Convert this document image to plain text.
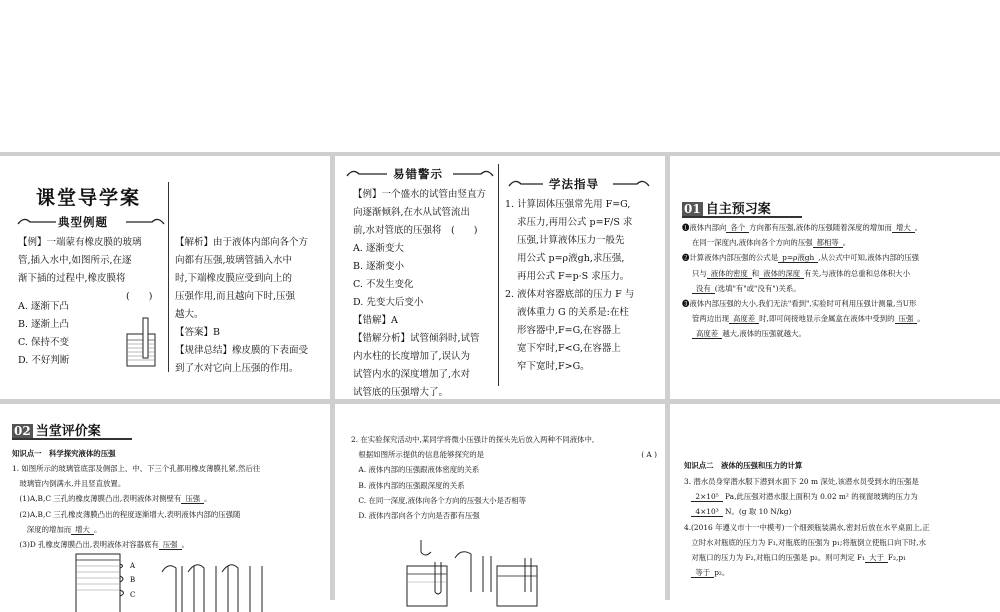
课堂导学案
典型例题

【例】一端蒙有橡皮膜的玻璃

管,插入水中,如图所示,在逐

渐下插的过程中,橡皮膜将

(　　)

A. 逐渐下凸

B. 逐渐上凸

C. 保持不变

D. 不好判断

【解析】由于液体内部向各个方

向都有压强,玻璃管插入水中

时,下端橡皮膜应受到向上的

压强作用,而且越向下时,压强

越大。

【答案】B

【规律总结】橡皮膜的下表面受

到了水对它向上压强的作用。

易错警示

【例】一个盛水的试管由竖直方

向逐渐倾斜,在水从试管流出

前,水对管底的压强将　(　　)

A. 逐渐变大

B. 逐渐变小

C. 不发生变化

D. 先变大后变小

【错解】A

【错解分析】试管倾斜时,试管

内水柱的长度增加了,误认为

试管内水的深度增加了,水对

试管底的压强增大了。

学法指导

1. 计算固体压强常先用 F=G,

求压力,再用公式 p=F/S 求

压强,计算液体压力一般先

用公式 p=ρ液gh,求压强,

再用公式 F=p·S 求压力。

2. 液体对容器底部的压力 F 与

液体重力 G 的关系是:在柱

形容器中,F=G,在容器上

宽下窄时,F<G,在容器上

窄下宽时,F>G。

01 自主预习案

❶液体内部向 各个 方向都有压强,液体的压强随着深度的增加而 增大 。

在同一深度内,液体向各个方向的压强 都相等 。

❷计算液体内部压强的公式是 p=ρ液gh ,从公式中可知,液体内部的压强

只与 液体的密度 和 液体的深度 有关,与液体的总重和总体积大小

没有 (选填"有"或"没有")关系。

❸液体内部压强的大小,我们无法"看到",实验时可利用压强计测量,当U形

管两边出现 高度差 时,即可间接地显示金属盒在液体中受到的 压强 。

高度差 越大,液体的压强就越大。

02 当堂评价案
知识点一　科学探究液体的压强

1. 如图所示的玻璃管底部及侧部上、中、下三个孔都用橡皮薄膜扎紧,然后往

　玻璃管内倒满水,并且竖直放置。

　(1)A,B,C 三孔的橡皮薄膜凸出,表明液体对侧壁有 压强 。

　(2)A,B,C 三孔橡皮薄膜凸出的程度逐渐增大,表明液体内部的压强随

　　深度的增加而 增大 。

　(3)D 孔橡皮薄膜凸出,表明液体对容器底有 压强 。

A
B
C

2. 在实验探究活动中,某同学将微小压强计的探头先后放入两种不同液体中,

　根据如图所示提供的信息能够探究的是	( A )

　A. 液体内部的压强跟液体密度的关系

　B. 液体内部的压强跟深度的关系

　C. 在同一深度,液体向各个方向的压强大小是否相等

　D. 液体内部向各个方向是否都有压强

知识点二　液体的压强和压力的计算

3. 潜水员身穿潜水服下潜到水面下 20 m 深处,该潜水员受到水的压强是

　2×10⁵ Pa,此压强对潜水服上面积为 0.02 m² 的视窗玻璃的压力为

　4×10³ N。(g 取 10 N/kg)

4.(2016 年遵义市十一中模考)一个细颈瓶装满水,密封后放在水平桌面上,正

　立时水对瓶底的压力为 F₁,对瓶底的压强为 p₁;将瓶倒立使瓶口向下时,水

　对瓶口的压力为 F₂,对瓶口的压强是 p₂。则可判定 F₁ 大于 F₂,p₁

　等于 p₂。
